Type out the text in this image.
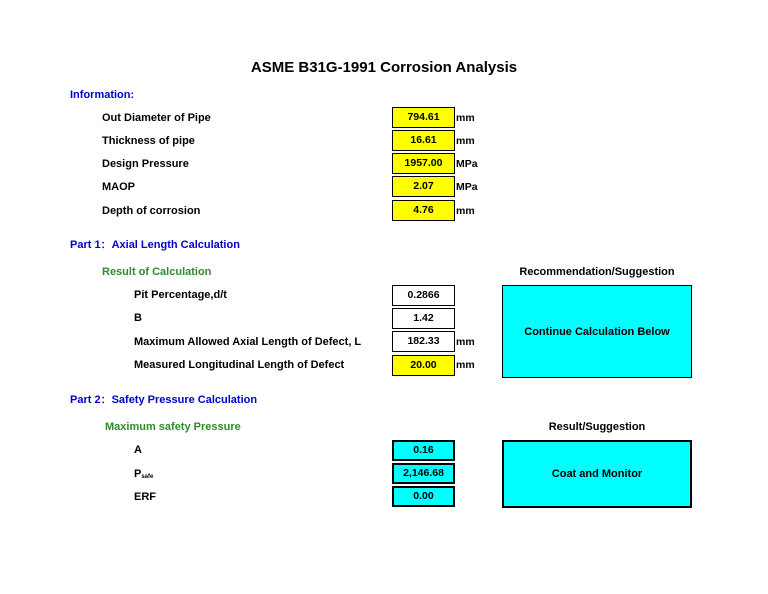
ASME B31G-1991 Corrosion Analysis
Information:
Out Diameter of Pipe	794.61	mm
Thickness of pipe	16.61	mm
Design Pressure	1957.00	MPa
MAOP	2.07	MPa
Depth of corrosion	4.76	mm
Part 1：Axial Length Calculation
Result of Calculation	Recommendation/Suggestion
Pit Percentage,d/t	0.2866
B	1.42
Maximum Allowed Axial Length of Defect, L	182.33	mm
Measured Longitudinal Length of Defect	20.00	mm
Continue Calculation Below
Part 2：Safety Pressure Calculation
Maximum safety Pressure	Result/Suggestion
A	0.16
$P_{safe}$	2,146.68
ERF	0.00
Coat and Monitor
